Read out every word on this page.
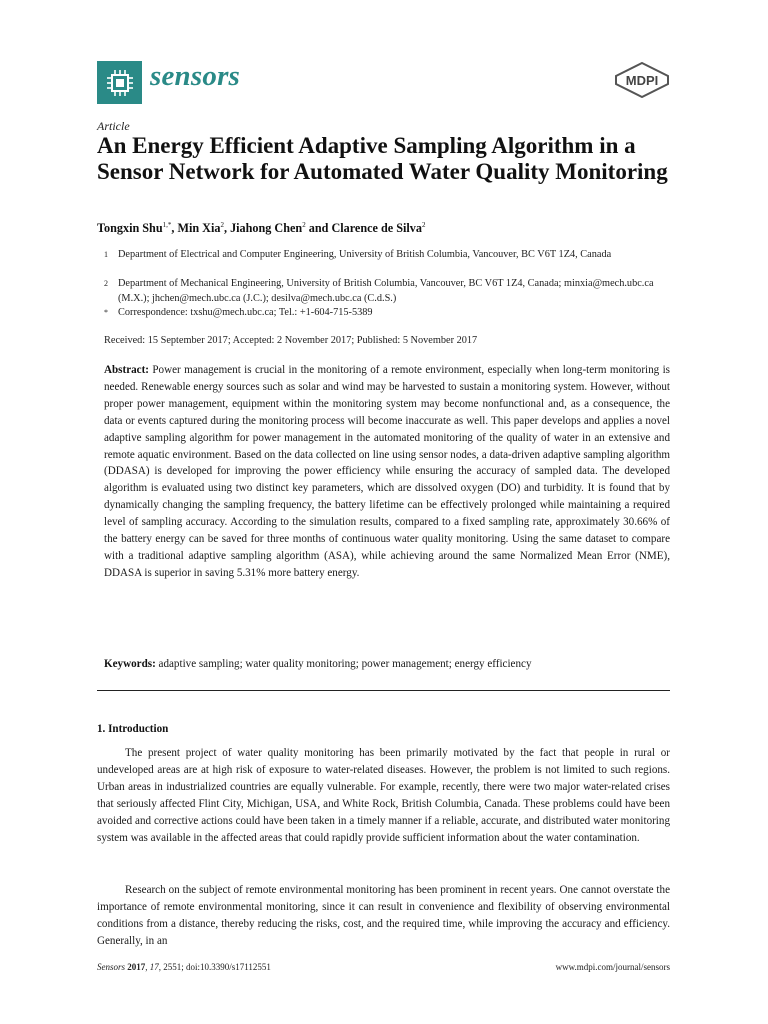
sensors	MDPI
Article
An Energy Efficient Adaptive Sampling Algorithm in a Sensor Network for Automated Water Quality Monitoring
Tongxin Shu$^{1,*}$, Min Xia$^2$, Jiahong Chen$^2$ and Clarence de Silva$^2$
1 Department of Electrical and Computer Engineering, University of British Columbia, Vancouver, BC V6T 1Z4, Canada
2 Department of Mechanical Engineering, University of British Columbia, Vancouver, BC V6T 1Z4, Canada; minxia@mech.ubc.ca (M.X.); jhchen@mech.ubc.ca (J.C.); desilva@mech.ubc.ca (C.d.S.)
* Correspondence: txshu@mech.ubc.ca; Tel.: +1-604-715-5389
Received: 15 September 2017; Accepted: 2 November 2017; Published: 5 November 2017

Abstract: Power management is crucial in the monitoring of a remote environment, especially when long-term monitoring is needed. Renewable energy sources such as solar and wind may be harvested to sustain a monitoring system. However, without proper power management, equipment within the monitoring system may become nonfunctional and, as a consequence, the data or events captured during the monitoring process will become inaccurate as well. This paper develops and applies a novel adaptive sampling algorithm for power management in the automated monitoring of the quality of water in an extensive and remote aquatic environment. Based on the data collected on line using sensor nodes, a data-driven adaptive sampling algorithm (DDASA) is developed for improving the power efficiency while ensuring the accuracy of sampled data. The developed algorithm is evaluated using two distinct key parameters, which are dissolved oxygen (DO) and turbidity. It is found that by dynamically changing the sampling frequency, the battery lifetime can be effectively prolonged while maintaining a required level of sampling accuracy. According to the simulation results, compared to a fixed sampling rate, approximately 30.66% of the battery energy can be saved for three months of continuous water quality monitoring. Using the same dataset to compare with a traditional adaptive sampling algorithm (ASA), while achieving around the same Normalized Mean Error (NME), DDASA is superior in saving 5.31% more battery energy.

Keywords: adaptive sampling; water quality monitoring; power management; energy efficiency
1. Introduction

The present project of water quality monitoring has been primarily motivated by the fact that people in rural or undeveloped areas are at high risk of exposure to water-related diseases. However, the problem is not limited to such regions. Urban areas in industrialized countries are equally vulnerable. For example, recently, there were two major water-related crises that seriously affected Flint City, Michigan, USA, and White Rock, British Columbia, Canada. These problems could have been avoided and corrective actions could have been taken in a timely manner if a reliable, accurate, and distributed water monitoring system was available in the affected areas that could rapidly provide sufficient information about the water contamination.

Research on the subject of remote environmental monitoring has been prominent in recent years. One cannot overstate the importance of remote environmental monitoring, since it can result in convenience and flexibility of observing environmental conditions from a distance, thereby reducing the risks, cost, and the required time, while improving the accuracy and efficiency. Generally, in an

Sensors 2017, 17, 2551; doi:10.3390/s17112551	www.mdpi.com/journal/sensors
